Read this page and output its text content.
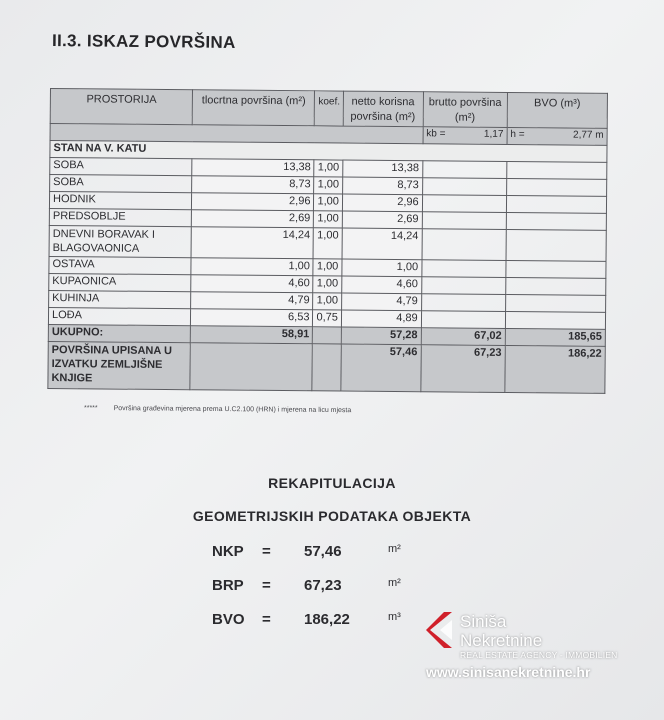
II.3. ISKAZ POVRŠINA
PROSTORIJA	tlocrtna površina (m²)	koef.	netto korisna površina (m²)	brutto površina (m²)	BVO (m³)

				kb = 1,17	h = 2,77 m

STAN NA V. KATU					
SOBA	13,38	1,00	13,38		
SOBA	8,73	1,00	8,73		
HODNIK	2,96	1,00	2,96		
PREDSOBLJE	2,69	1,00	2,69		
DNEVNI BORAVAK I BLAGOVAONICA	14,24	1,00	14,24		
OSTAVA	1,00	1,00	1,00		
KUPAONICA	4,60	1,00	4,60		
KUHINJA	4,79	1,00	4,79		
LOĐA	6,53	0,75	4,89		
UKUPNO:	58,91		57,28	67,02	185,65
POVRŠINA UPISANA U IZVATKU ZEMLJIŠNE KNJIGE			57,46	67,23	186,22
***** Površina građevina mjerena prema U.C2.100 (HRN) i mjerena na licu mjesta
REKAPITULACIJA
GEOMETRIJSKIH PODATAKA OBJEKTA
NKP = 57,46	m²
BRP = 67,23	m²
BVO = 186,22	m³	Siniša
Nekretnine
REAL ESTATE AGENCY - IMMOBILIEN
www.sinisanekretnine.hr
